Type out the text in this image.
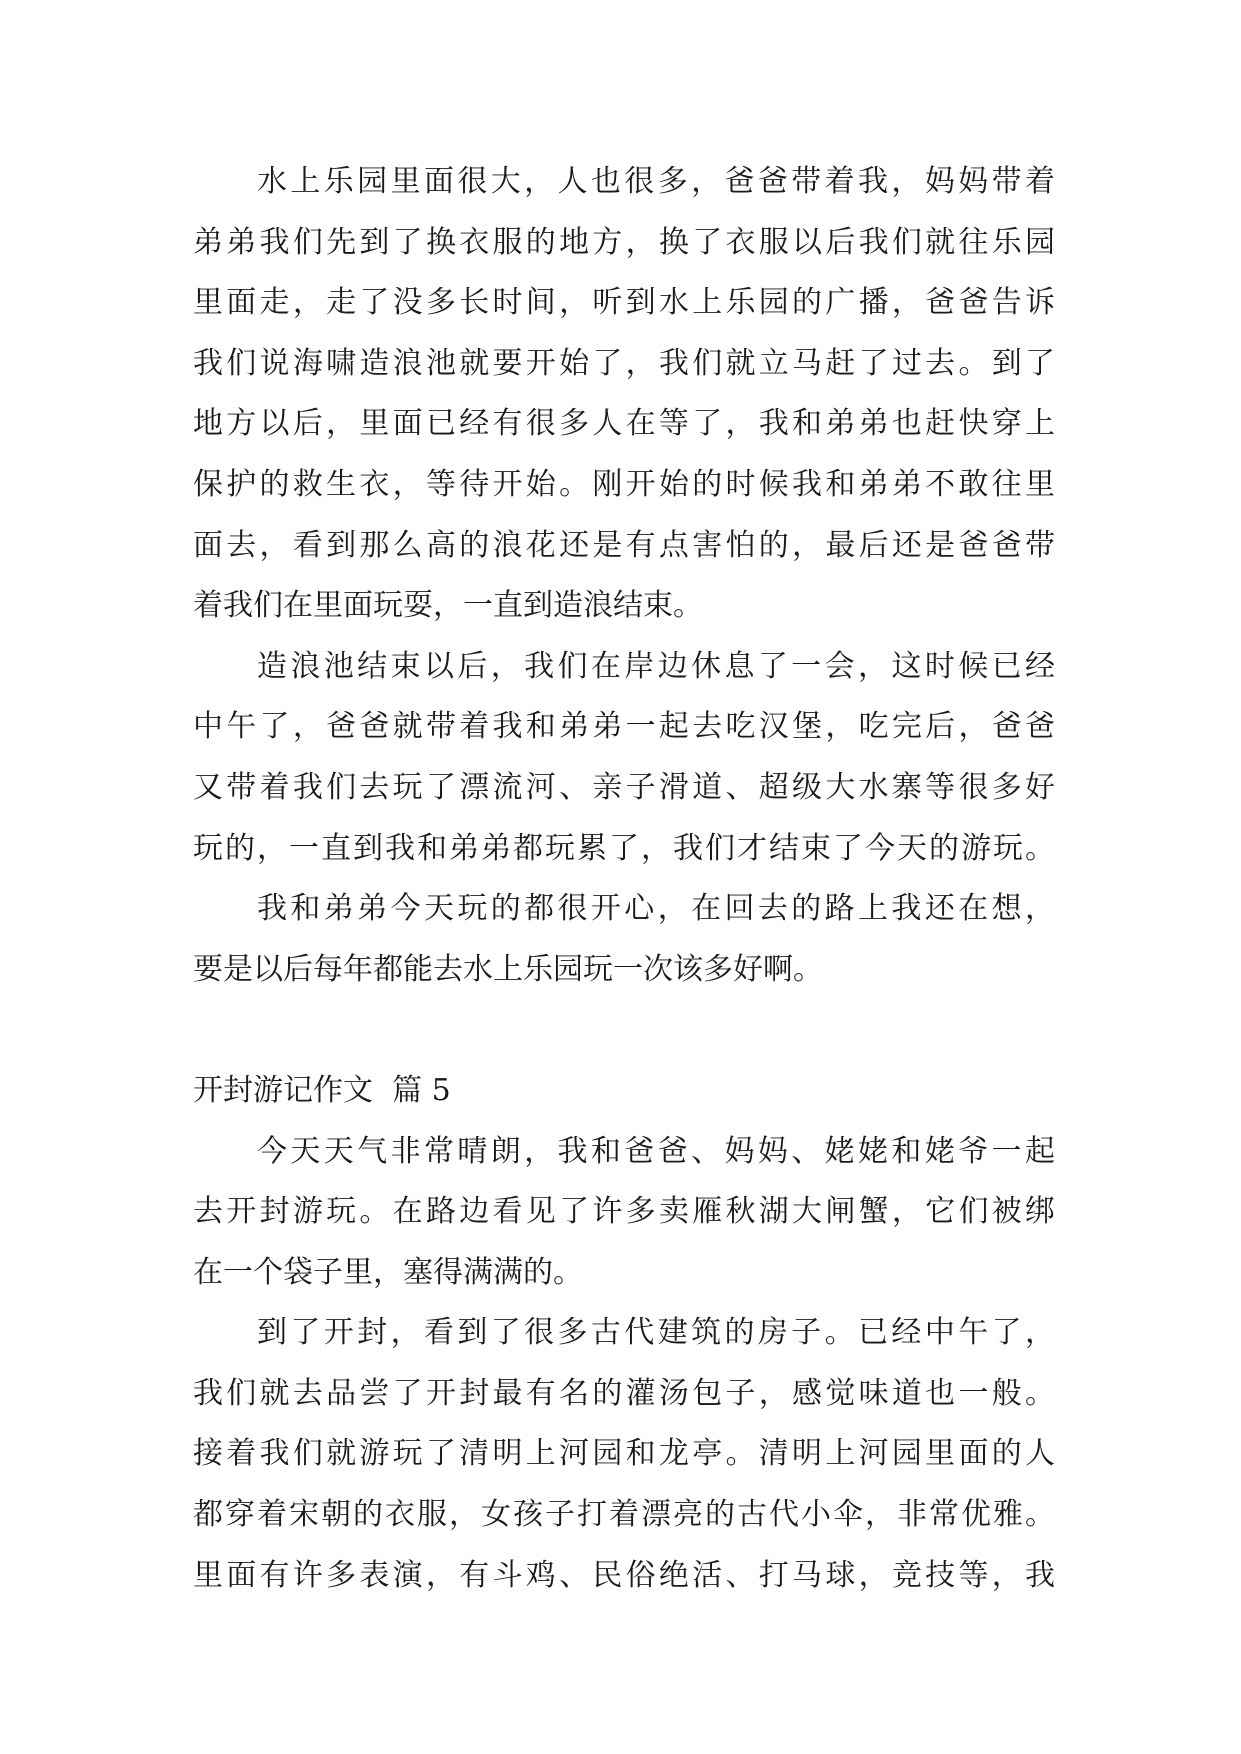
水上乐园里面很大，人也很多，爸爸带着我，妈妈带着
弟弟我们先到了换衣服的地方，换了衣服以后我们就往乐园
里面走，走了没多长时间，听到水上乐园的广播，爸爸告诉
我们说海啸造浪池就要开始了，我们就立马赶了过去。到了
地方以后，里面已经有很多人在等了，我和弟弟也赶快穿上
保护的救生衣，等待开始。刚开始的时候我和弟弟不敢往里
面去，看到那么高的浪花还是有点害怕的，最后还是爸爸带
着我们在里面玩耍，一直到造浪结束。
造浪池结束以后，我们在岸边休息了一会，这时候已经
中午了，爸爸就带着我和弟弟一起去吃汉堡，吃完后，爸爸
又带着我们去玩了漂流河、亲子滑道、超级大水寨等很多好
玩的，一直到我和弟弟都玩累了，我们才结束了今天的游玩。
我和弟弟今天玩的都很开心，在回去的路上我还在想，
要是以后每年都能去水上乐园玩一次该多好啊。
开封游记作文  篇 5
今天天气非常晴朗，我和爸爸、妈妈、姥姥和姥爷一起
去开封游玩。在路边看见了许多卖雁秋湖大闸蟹，它们被绑
在一个袋子里，塞得满满的。
到了开封，看到了很多古代建筑的房子。已经中午了，
我们就去品尝了开封最有名的灌汤包子，感觉味道也一般。
接着我们就游玩了清明上河园和龙亭。清明上河园里面的人
都穿着宋朝的衣服，女孩子打着漂亮的古代小伞，非常优雅。
里面有许多表演，有斗鸡、民俗绝活、打马球，竞技等，我
